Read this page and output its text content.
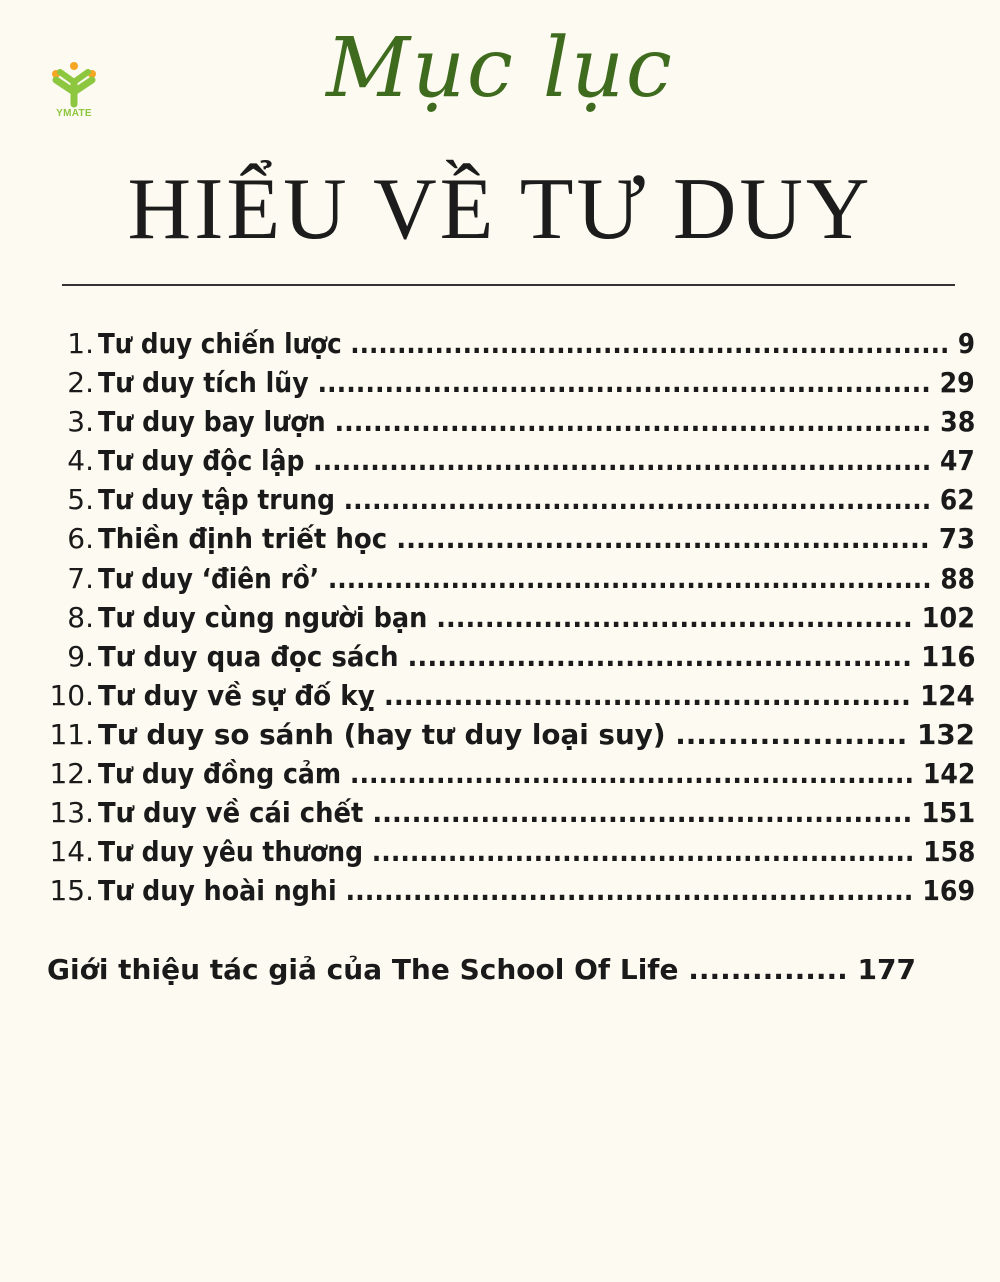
YMATE	Mục lục
HIỂU VỀ TƯ DUY
1. Tư duy chiến lược ................................................................ 9
2. Tư duy tích lũy ................................................................ 29
3. Tư duy bay lượn .............................................................. 38
4. Tư duy độc lập ................................................................. 47
5. Tư duy tập trung .............................................................. 62
6. Thiền định triết học ...................................................... 73
7. Tư duy ‘điên rồ’ ................................................................ 88
8. Tư duy cùng người bạn ................................................. 102
9. Tư duy qua đọc sách ................................................... 116
10. Tư duy về sự đố kỵ ..................................................... 124
11. Tư duy so sánh (hay tư duy loại suy) ...................... 132
12. Tư duy đồng cảm ........................................................... 142
13. Tư duy về cái chết ....................................................... 151
14. Tư duy yêu thương ......................................................... 158
15. Tư duy hoài nghi ........................................................... 169
Giới thiệu tác giả của The School Of Life ............... 177
